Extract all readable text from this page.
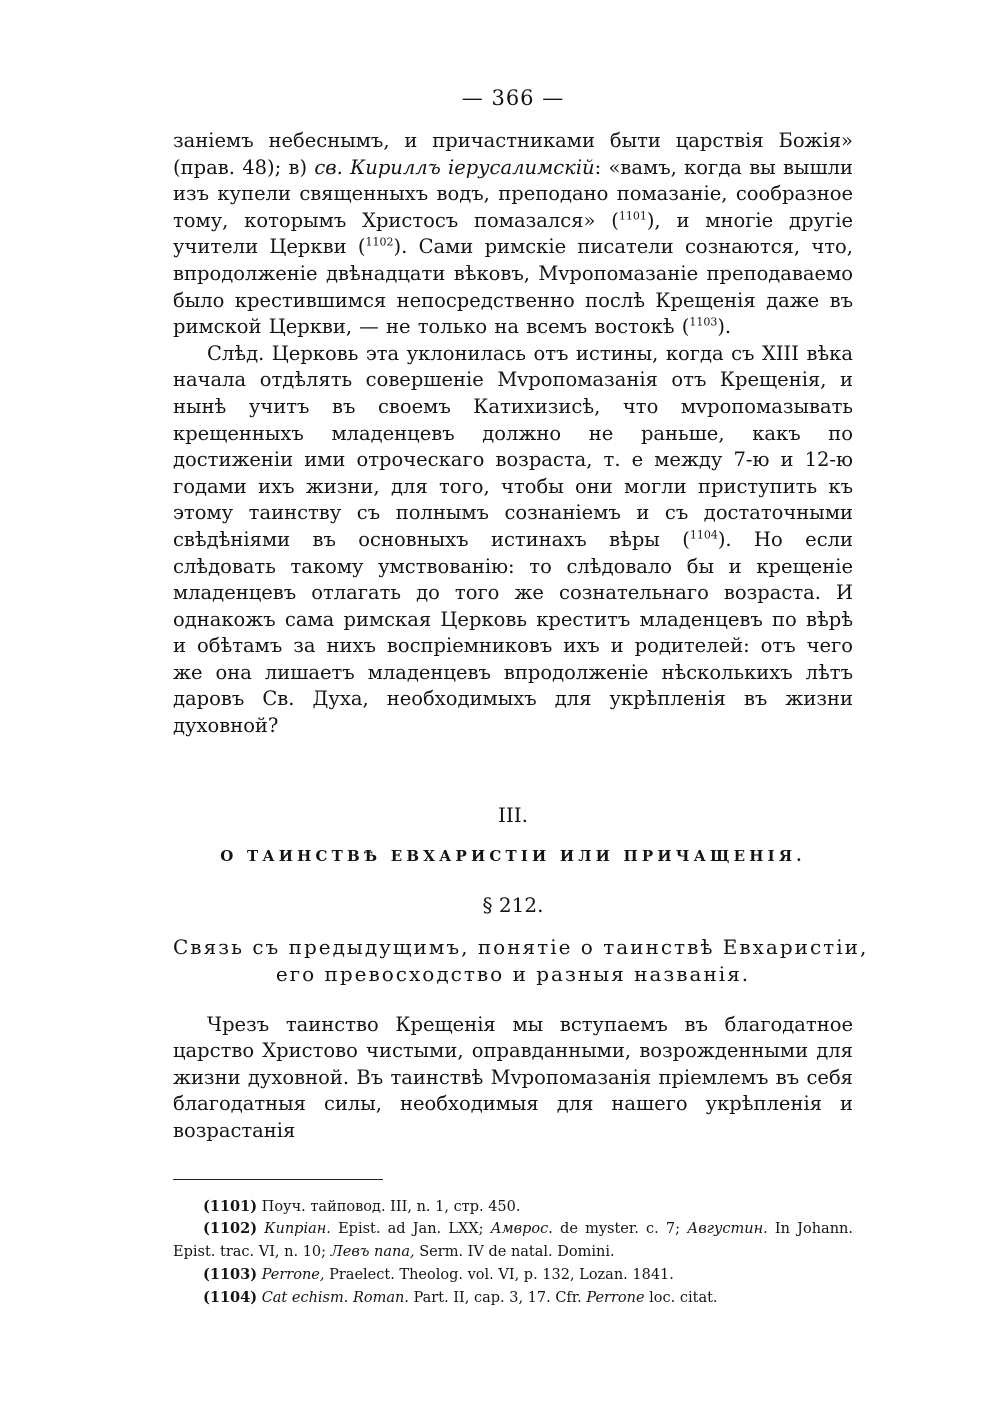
— 366 —
заніемъ небеснымъ, и причастниками быти царствія Божія» (прав. 48); в) св. Кириллъ іерусалимскій: «вамъ, когда вы вышли изъ купели священныхъ водъ, преподано помазаніе, сообразное тому, которымъ Христосъ помазался» ($^{1101}$), и многіе другіе учители Церкви ($^{1102}$). Сами римскіе писатели сознаются, что, впродолженіе двѣнадцати вѣковъ, Мvропомазаніе преподаваемо было крестившимся непосредственно послѣ Крещенія даже въ римской Церкви, — не только на всемъ востокѣ ($^{1103}$).
Слѣд. Церковь эта уклонилась отъ истины, когда съ XIII вѣка начала отдѣлять совершеніе Мvропомазанія отъ Крещенія, и нынѣ учитъ въ своемъ Катихизисѣ, что мvропомазывать крещенныхъ младенцевъ должно не раньше, какъ по достиженіи ими отроческаго возраста, т. е между 7-ю и 12-ю годами ихъ жизни, для того, чтобы они могли приступить къ этому таинству съ полнымъ сознаніемъ и съ достаточными свѣдѣніями въ основныхъ истинахъ вѣры ($^{1104}$). Но если слѣдовать такому умствованію: то слѣдовало бы и крещеніе младенцевъ отлагать до того же сознательнаго возраста. И однакожъ сама римская Церковь креститъ младенцевъ по вѣрѣ и обѣтамъ за нихъ воспріемниковъ ихъ и родителей: отъ чего же она лишаетъ младенцевъ впродолженіе нѣсколькихъ лѣтъ даровъ Св. Духа, необходимыхъ для укрѣпленія въ жизни духовной?
III.
О ТАИНСТВѢ ЕВХАРИСТІИ ИЛИ ПРИЧАЩЕНІЯ.
§ 212.
Связь съ предыдущимъ, понятіе о таинствѣ Евхаристіи,
его превосходство и разныя названія.
Чрезъ таинство Крещенія мы вступаемъ въ благодатное царство Христово чистыми, оправданными, возрожденными для жизни духовной. Въ таинствѣ Мvропомазанія пріемлемъ въ себя благодатныя силы, необходимыя для нашего укрѣпленія и возрастанія

(1101) Поуч. тайповод. III, n. 1, стр. 450.

(1102) Кипріан. Epist. ad Jan. LXX; Амврос. de myster. c. 7; Августин. In Johann. Epist. trac. VI, n. 10; Левъ папа, Serm. IV de natal. Domini.

(1103) Perrone, Praelect. Theolog. vol. VI, p. 132, Lozan. 1841.

(1104) Cat echism. Roman. Part. II, cap. 3, 17. Cfr. Perrone loc. citat.
